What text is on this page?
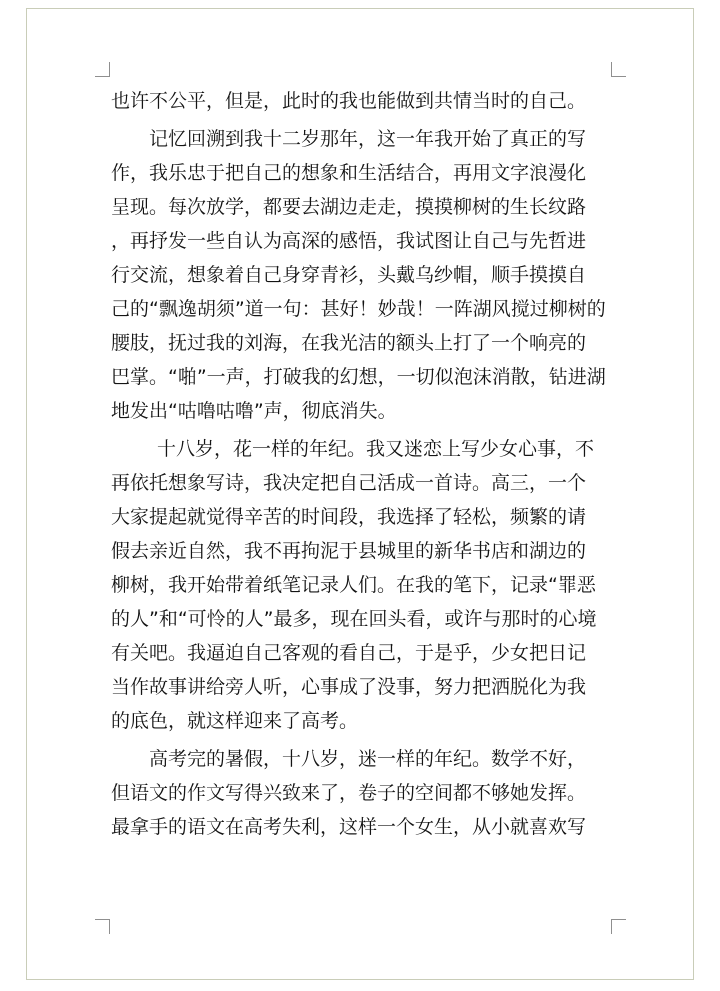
也许不公平，但是，此时的我也能做到共情当时的自己。
记忆回溯到我十二岁那年，这一年我开始了真正的写
作，我乐忠于把自己的想象和生活结合，再用文字浪漫化
呈现。每次放学，都要去湖边走走，摸摸柳树的生长纹路
，再抒发一些自认为高深的感悟，我试图让自己与先哲进
行交流，想象着自己身穿青衫，头戴乌纱帽，顺手摸摸自
己的“飘逸胡须”道一句：甚好！妙哉！一阵湖风搅过柳树的
腰肢，抚过我的刘海，在我光洁的额头上打了一个响亮的
巴掌。“啪”一声，打破我的幻想，一切似泡沫消散，钻进湖
地发出“咕噜咕噜”声，彻底消失。
十八岁，花一样的年纪。我又迷恋上写少女心事，不
再依托想象写诗，我决定把自己活成一首诗。高三，一个
大家提起就觉得辛苦的时间段，我选择了轻松，频繁的请
假去亲近自然，我不再拘泥于县城里的新华书店和湖边的
柳树，我开始带着纸笔记录人们。在我的笔下，记录“罪恶
的人”和“可怜的人”最多，现在回头看，或许与那时的心境
有关吧。我逼迫自己客观的看自己，于是乎，少女把日记
当作故事讲给旁人听，心事成了没事，努力把洒脱化为我
的底色，就这样迎来了高考。
高考完的暑假，十八岁，迷一样的年纪。数学不好，
但语文的作文写得兴致来了，卷子的空间都不够她发挥。
最拿手的语文在高考失利，这样一个女生，从小就喜欢写
